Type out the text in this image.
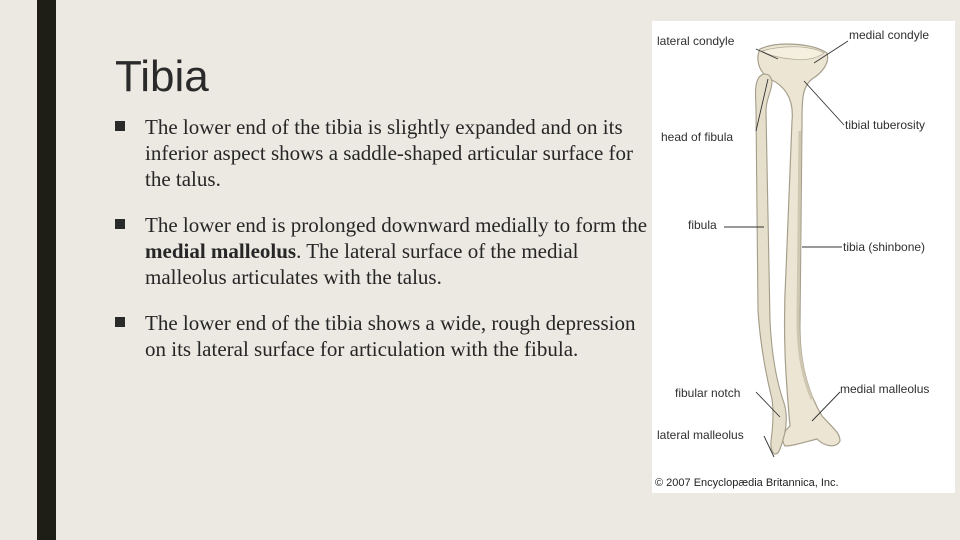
Tibia
The lower end of the tibia is slightly expanded and on its inferior aspect shows a saddle-shaped articular surface for the talus.
The lower end is prolonged downward medially to form the medial malleolus. The lateral surface of the medial malleolus articulates with the talus.
The lower end of the tibia shows a wide, rough depression on its lateral surface for articulation with the fibula.
lateral condyle	medial condyle
head of fibula
tibial tuberosity
fibula
tibia (shinbone)
fibular notch	medial malleolus
lateral malleolus
© 2007 Encyclopædia Britannica, Inc.
